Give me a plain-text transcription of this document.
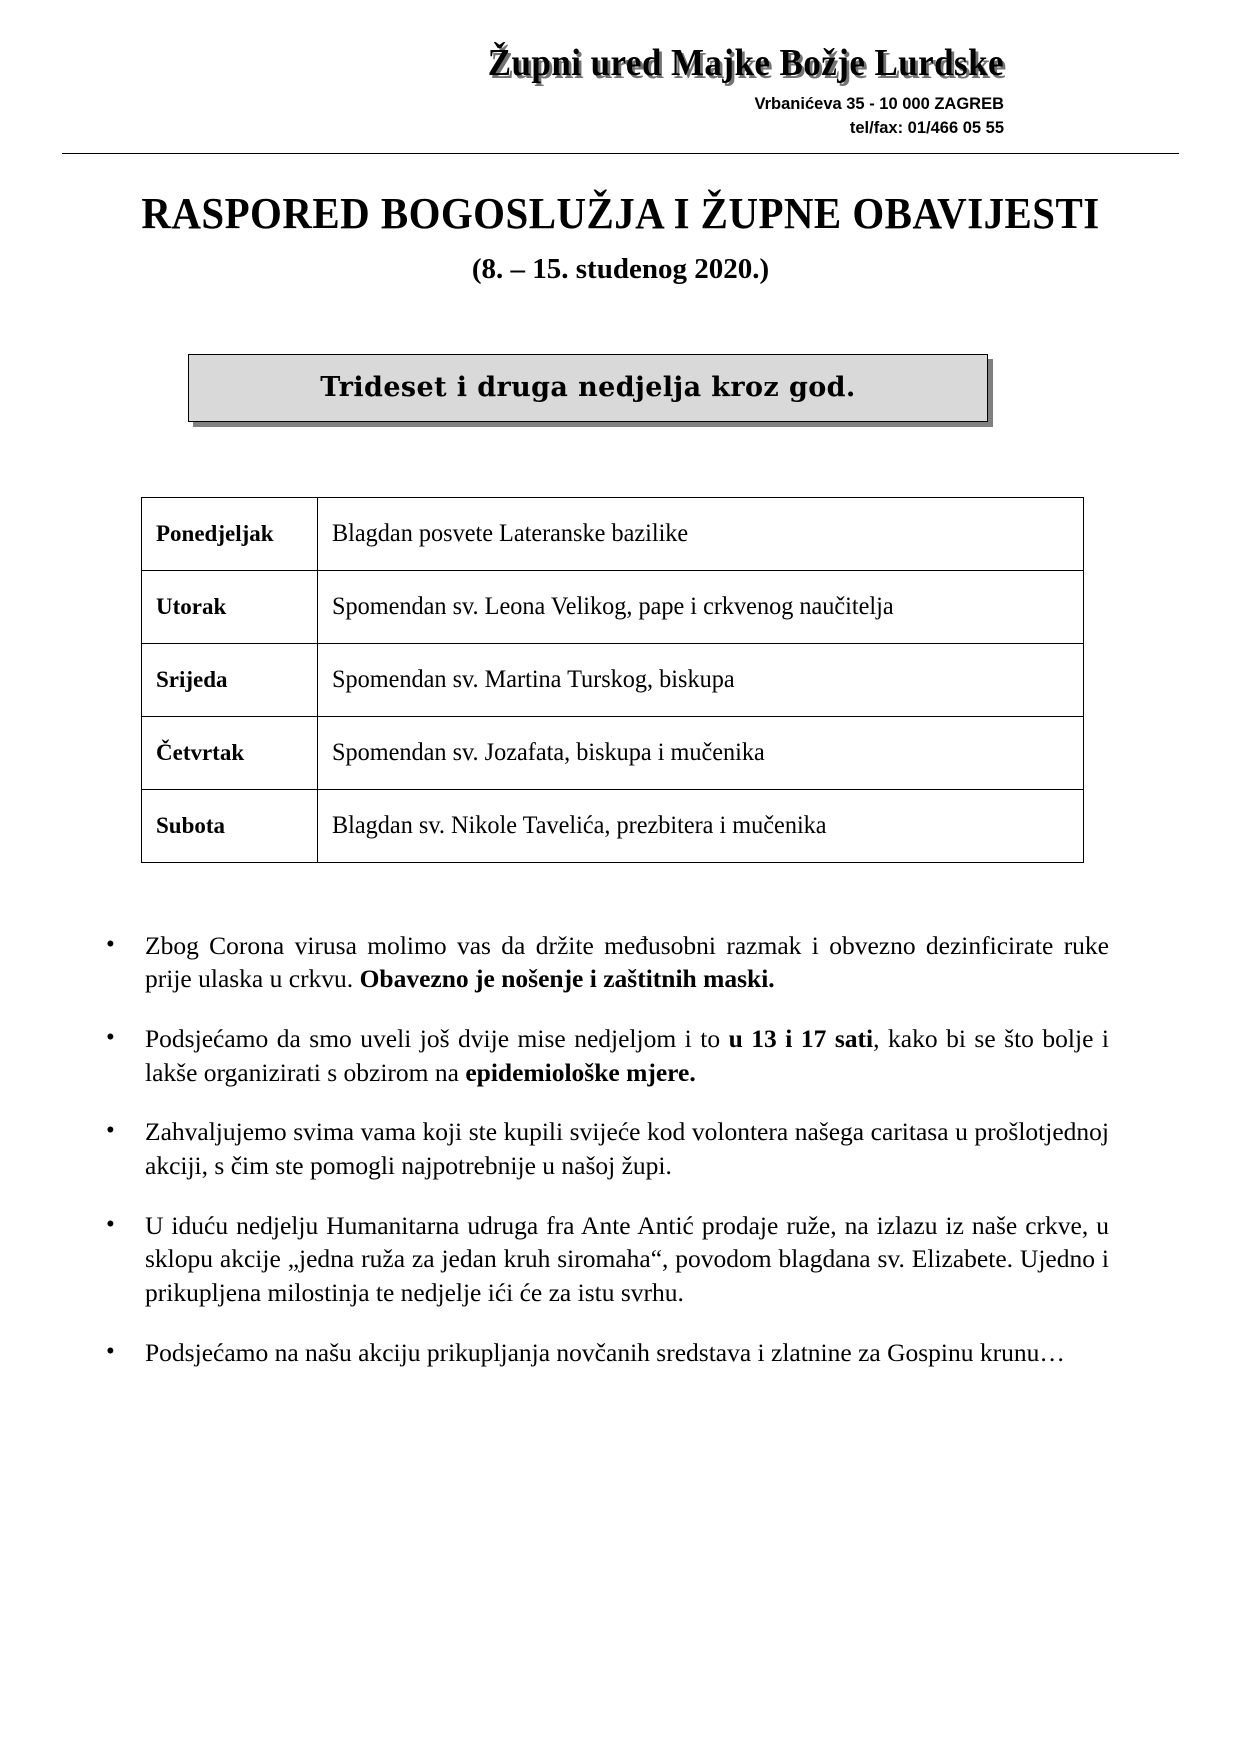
Župni ured Majke Božje Lurdske
Vrbanićeva 35 - 10 000 ZAGREB
tel/fax: 01/466 05 55
RASPORED BOGOSLUŽJA I ŽUPNE OBAVIJESTI
(8. – 15. studenog 2020.)
Trideset i druga nedjelja kroz god.
Ponedjeljak	Blagdan posvete Lateranske bazilike
Utorak	Spomendan sv. Leona Velikog, pape i crkvenog naučitelja
Srijeda	Spomendan sv. Martina Turskog, biskupa
Četvrtak	Spomendan sv. Jozafata, biskupa i mučenika
Subota	Blagdan sv. Nikole Tavelića, prezbitera i mučenika
• Zbog Corona virusa molimo vas da držite međusobni razmak i obvezno dezinficirate ruke prije ulaska u crkvu. Obavezno je nošenje i zaštitnih maski.
• Podsjećamo da smo uveli još dvije mise nedjeljom i to u 13 i 17 sati, kako bi se što bolje i lakše organizirati s obzirom na epidemiološke mjere.
• Zahvaljujemo svima vama koji ste kupili svijeće kod volontera našega caritasa u prošlotjednoj akciji, s čim ste pomogli najpotrebnije u našoj župi.
• U iduću nedjelju Humanitarna udruga fra Ante Antić prodaje ruže, na izlazu iz naše crkve, u sklopu akcije „jedna ruža za jedan kruh siromaha“, povodom blagdana sv. Elizabete. Ujedno i prikupljena milostinja te nedjelje ići će za istu svrhu.
• Podsjećamo na našu akciju prikupljanja novčanih sredstava i zlatnine za Gospinu krunu…
